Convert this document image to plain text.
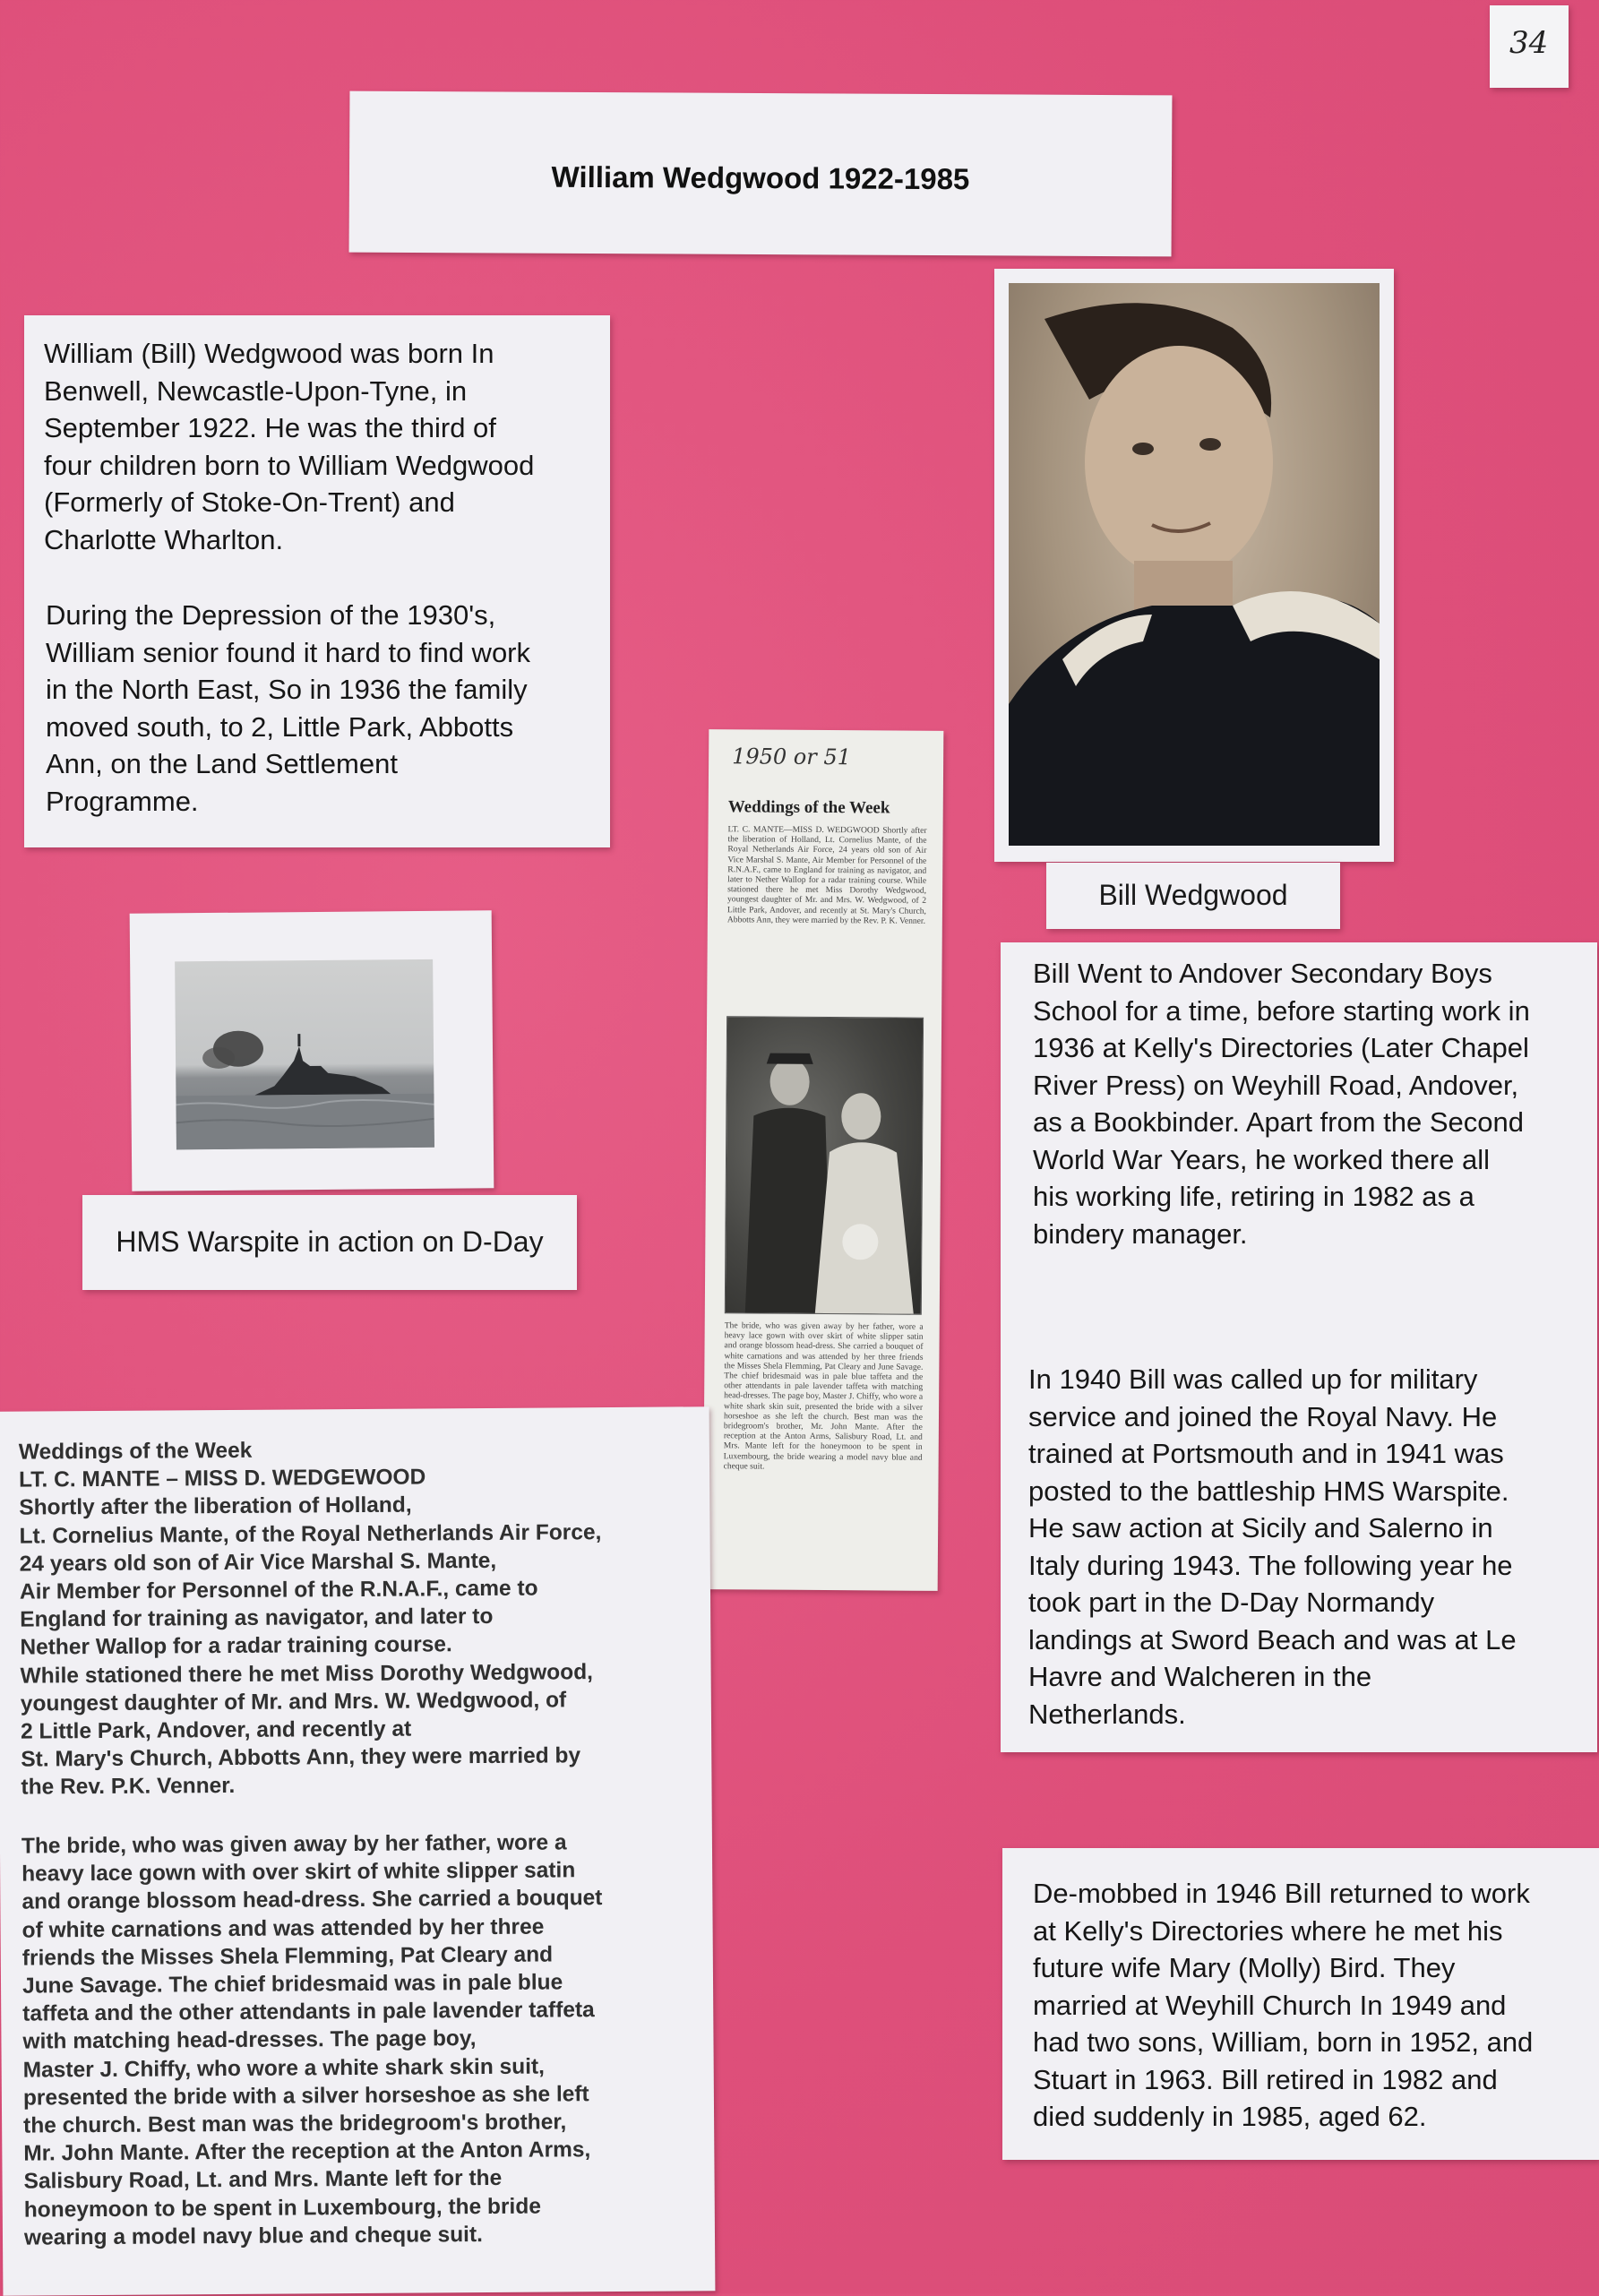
34
William Wedgwood 1922-1985
William (Bill) Wedgwood was born In
Benwell, Newcastle-Upon-Tyne, in
September 1922. He was the third of
four children born to William Wedgwood
(Formerly of Stoke-On-Trent) and
Charlotte Wharlton.
During the Depression of the 1930's,
William senior found it hard to find work
in the North East, So in 1936 the family
moved south, to 2, Little Park, Abbotts
Ann, on the Land Settlement
Programme.
HMS Warspite in action on D-Day
1950 or 51
Weddings of the Week
LT. C. MANTE—MISS D. WEDGWOOD Shortly after the liberation of Holland, Lt. Cornelius Mante, of the Royal Netherlands Air Force, 24 years old son of Air Vice Marshal S. Mante, Air Member for Personnel of the R.N.A.F., came to England for training as navigator, and later to Nether Wallop for a radar training course. While stationed there he met Miss Dorothy Wedgwood, youngest daughter of Mr. and Mrs. W. Wedgwood, of 2 Little Park, Andover, and recently at St. Mary's Church, Abbotts Ann, they were married by the Rev. P. K. Venner.
The bride, who was given away by her father, wore a heavy lace gown with over skirt of white slipper satin and orange blossom head-dress. She carried a bouquet of white carnations and was attended by her three friends the Misses Shela Flemming, Pat Cleary and June Savage. The chief bridesmaid was in pale blue taffeta and the other attendants in pale lavender taffeta with matching head-dresses. The page boy, Master J. Chiffy, who wore a white shark skin suit, presented the bride with a silver horseshoe as she left the church. Best man was the bridegroom's brother, Mr. John Mante. After the reception at the Anton Arms, Salisbury Road, Lt. and Mrs. Mante left for the honeymoon to be spent in Luxembourg, the bride wearing a model navy blue and cheque suit.
Bill Wedgwood
Bill Went to Andover Secondary Boys
School for a time, before starting work in
1936 at Kelly's Directories (Later Chapel
River Press) on Weyhill Road, Andover,
as a Bookbinder. Apart from the Second
World War Years, he worked there all
his working life, retiring in 1982 as a
bindery manager.
In 1940 Bill was called up for military
service and joined the Royal Navy. He
trained at Portsmouth and in 1941 was
posted to the battleship HMS Warspite.
He saw action at Sicily and Salerno in
Italy during 1943. The following year he
took part in the D-Day Normandy
landings at Sword Beach and was at Le
Havre and Walcheren in the
Netherlands.
De-mobbed in 1946 Bill returned to work
at Kelly's Directories where he met his
future wife Mary (Molly) Bird. They
married at Weyhill Church In 1949 and
had two sons, William, born in 1952, and
Stuart in 1963. Bill retired in 1982 and
died suddenly in 1985, aged 62.
Weddings of the Week
LT. C. MANTE – MISS D. WEDGEWOOD
Shortly after the liberation of Holland,
Lt. Cornelius Mante, of the Royal Netherlands Air Force,
24 years old son of Air Vice Marshal S. Mante,
Air Member for Personnel of the R.N.A.F., came to
England for training as navigator, and later to
Nether Wallop for a radar training course.
While stationed there he met Miss Dorothy Wedgwood,
youngest daughter of Mr. and Mrs. W. Wedgwood, of
2 Little Park, Andover, and recently at
St. Mary's Church, Abbotts Ann, they were married by
the Rev. P.K. Venner.
The bride, who was given away by her father, wore a
heavy lace gown with over skirt of white slipper satin
and orange blossom head-dress. She carried a bouquet
of white carnations and was attended by her three
friends the Misses Shela Flemming, Pat Cleary and
June Savage. The chief bridesmaid was in pale blue
taffeta and the other attendants in pale lavender taffeta
with matching head-dresses. The page boy,
Master J. Chiffy, who wore a white shark skin suit,
presented the bride with a silver horseshoe as she left
the church. Best man was the bridegroom's brother,
Mr. John Mante. After the reception at the Anton Arms,
Salisbury Road, Lt. and Mrs. Mante left for the
honeymoon to be spent in Luxembourg, the bride
wearing a model navy blue and cheque suit.
